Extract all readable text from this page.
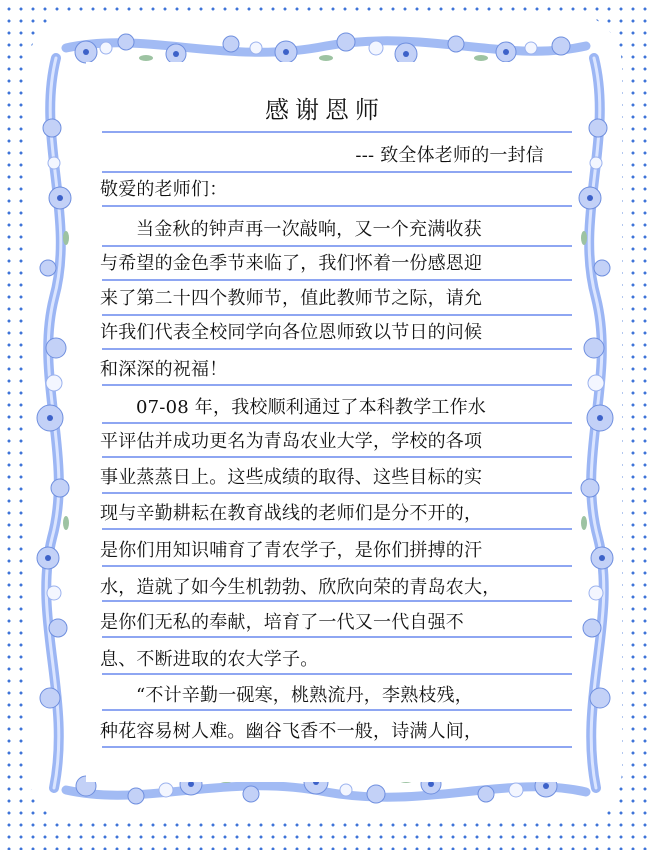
感谢恩师
--- 致全体老师的一封信
敬爱的老师们：
当金秋的钟声再一次敲响，又一个充满收获
与希望的金色季节来临了，我们怀着一份感恩迎
来了第二十四个教师节，值此教师节之际，请允
许我们代表全校同学向各位恩师致以节日的问候
和深深的祝福！
07-08 年，我校顺利通过了本科教学工作水
平评估并成功更名为青岛农业大学，学校的各项
事业蒸蒸日上。这些成绩的取得、这些目标的实
现与辛勤耕耘在教育战线的老师们是分不开的，
是你们用知识哺育了青农学子，是你们拼搏的汗
水，造就了如今生机勃勃、欣欣向荣的青岛农大，
是你们无私的奉献，培育了一代又一代自强不
息、不断进取的农大学子。
“不计辛勤一砚寒，桃熟流丹，李熟枝残，
种花容易树人难。幽谷飞香不一般，诗满人间，
